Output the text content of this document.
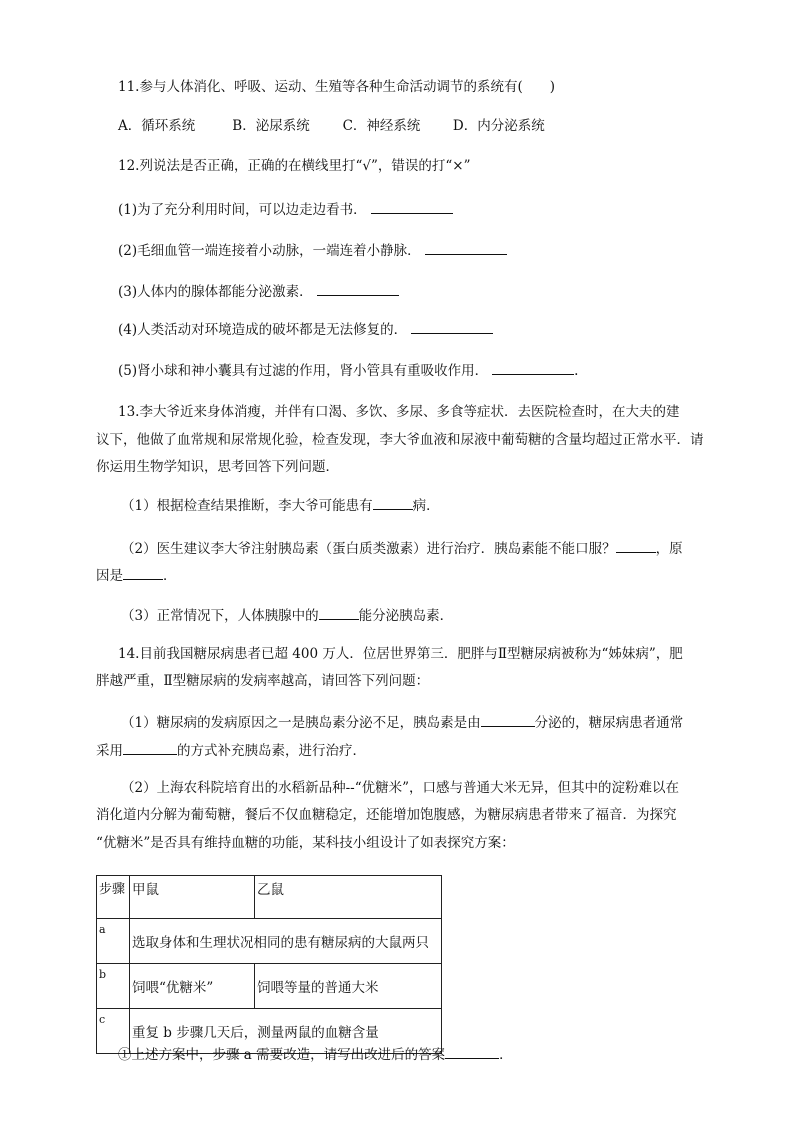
11.参与人体消化、呼吸、运动、生殖等各种生命活动调节的系统有(　　)
A．循环系统	B．泌尿系统 C．神经系统 D．内分泌系统
12.列说法是否正确，正确的在横线里打“√”，错误的打“×”
(1)为了充分利用时间，可以边走边看书．
(2)毛细血管一端连接着小动脉，一端连着小静脉．
(3)人体内的腺体都能分泌激素．
(4)人类活动对环境造成的破坏都是无法修复的．
(5)肾小球和神小囊具有过滤的作用，肾小管具有重吸收作用．	.
13.李大爷近来身体消瘦，并伴有口渴、多饮、多尿、多食等症状．去医院检查时，在大夫的建
议下，他做了血常规和尿常规化验，检查发现，李大爷血液和尿液中葡萄糖的含量均超过正常水平．请
你运用生物学知识，思考回答下列问题．
（1）根据检查结果推断，李大爷可能患有	病．
（2）医生建议李大爷注射胰岛素（蛋白质类激素）进行治疗．胰岛素能不能口服？	，原
因是	．
（3）正常情况下，人体胰腺中的	能分泌胰岛素．
14.目前我国糖尿病患者已超 400 万人．位居世界第三．肥胖与Ⅱ型糖尿病被称为“姊妹病”，肥
胖越严重，Ⅱ型糖尿病的发病率越高，请回答下列问题：
（1）糖尿病的发病原因之一是胰岛素分泌不足，胰岛素是由	分泌的，糖尿病患者通常
采用	的方式补充胰岛素，进行治疗．
（2）上海农科院培育出的水稻新品种--“优糖米”，口感与普通大米无异，但其中的淀粉难以在
消化道内分解为葡萄糖，餐后不仅血糖稳定，还能增加饱腹感，为糖尿病患者带来了福音．为探究
“优糖米”是否具有维持血糖的功能，某科技小组设计了如表探究方案：
步骤	甲鼠	乙鼠
a	选取身体和生理状况相同的患有糖尿病的大鼠两只	
b	饲喂“优糖米”	饲喂等量的普通大米
c	重复 b 步骤几天后，测量两鼠的血糖含量	
①上述方案中，步骤 a 需要改造，请写出改进后的答案	．
